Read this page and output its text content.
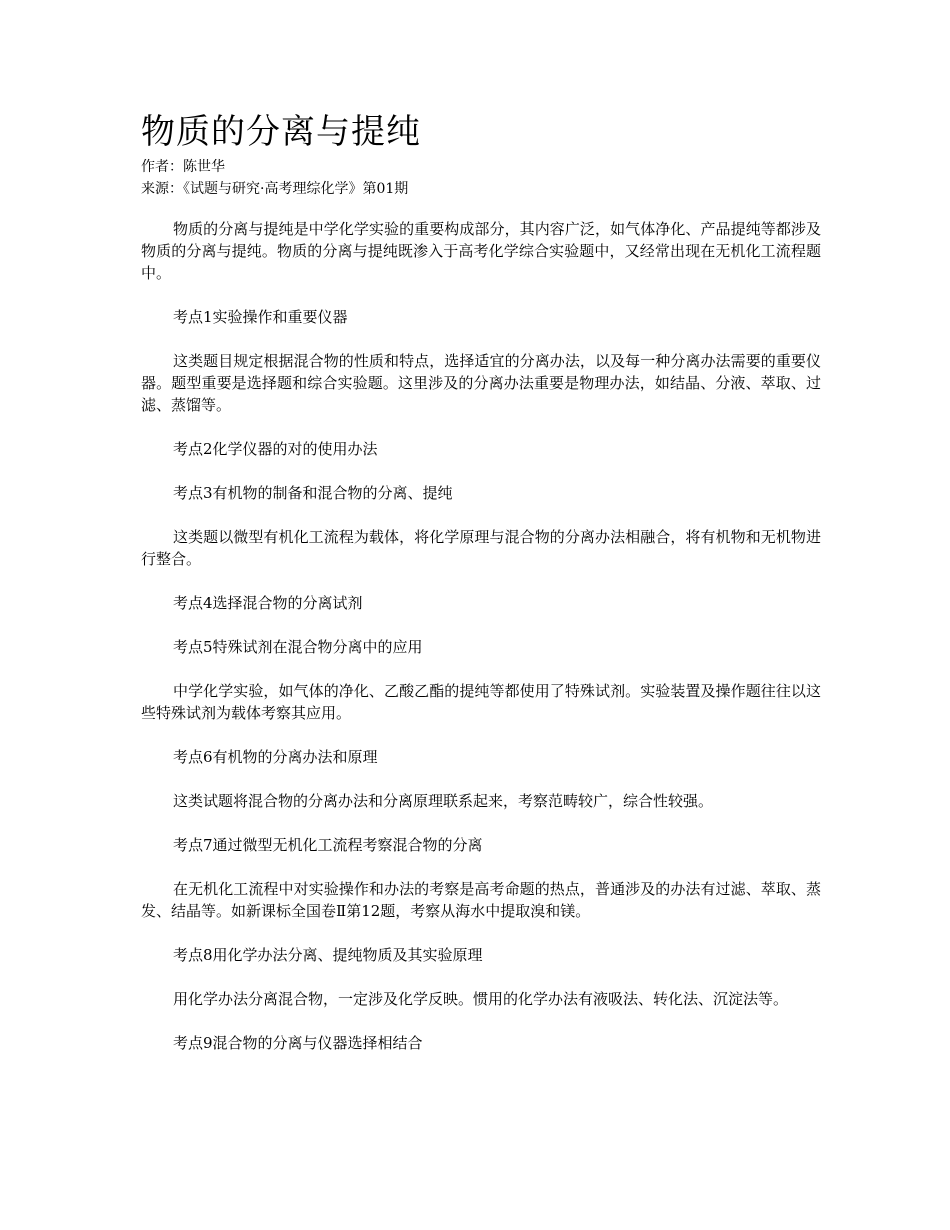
物质的分离与提纯

作者：陈世华

来源：《试题与研究·高考理综化学》第01期

物质的分离与提纯是中学化学实验的重要构成部分，其内容广泛，如气体净化、产品提纯等都涉及物质的分离与提纯。物质的分离与提纯既渗入于高考化学综合实验题中，又经常出现在无机化工流程题中。

考点1实验操作和重要仪器

这类题目规定根据混合物的性质和特点，选择适宜的分离办法，以及每一种分离办法需要的重要仪器。题型重要是选择题和综合实验题。这里涉及的分离办法重要是物理办法，如结晶、分液、萃取、过滤、蒸馏等。

考点2化学仪器的对的使用办法

考点3有机物的制备和混合物的分离、提纯

这类题以微型有机化工流程为载体，将化学原理与混合物的分离办法相融合，将有机物和无机物进行整合。

考点4选择混合物的分离试剂

考点5特殊试剂在混合物分离中的应用

中学化学实验，如气体的净化、乙酸乙酯的提纯等都使用了特殊试剂。实验装置及操作题往往以这些特殊试剂为载体考察其应用。

考点6有机物的分离办法和原理

这类试题将混合物的分离办法和分离原理联系起来，考察范畴较广，综合性较强。

考点7通过微型无机化工流程考察混合物的分离

在无机化工流程中对实验操作和办法的考察是高考命题的热点，普通涉及的办法有过滤、萃取、蒸发、结晶等。如新课标全国卷Ⅱ第12题，考察从海水中提取溴和镁。

考点8用化学办法分离、提纯物质及其实验原理

用化学办法分离混合物，一定涉及化学反映。惯用的化学办法有液吸法、转化法、沉淀法等。

考点9混合物的分离与仪器选择相结合
